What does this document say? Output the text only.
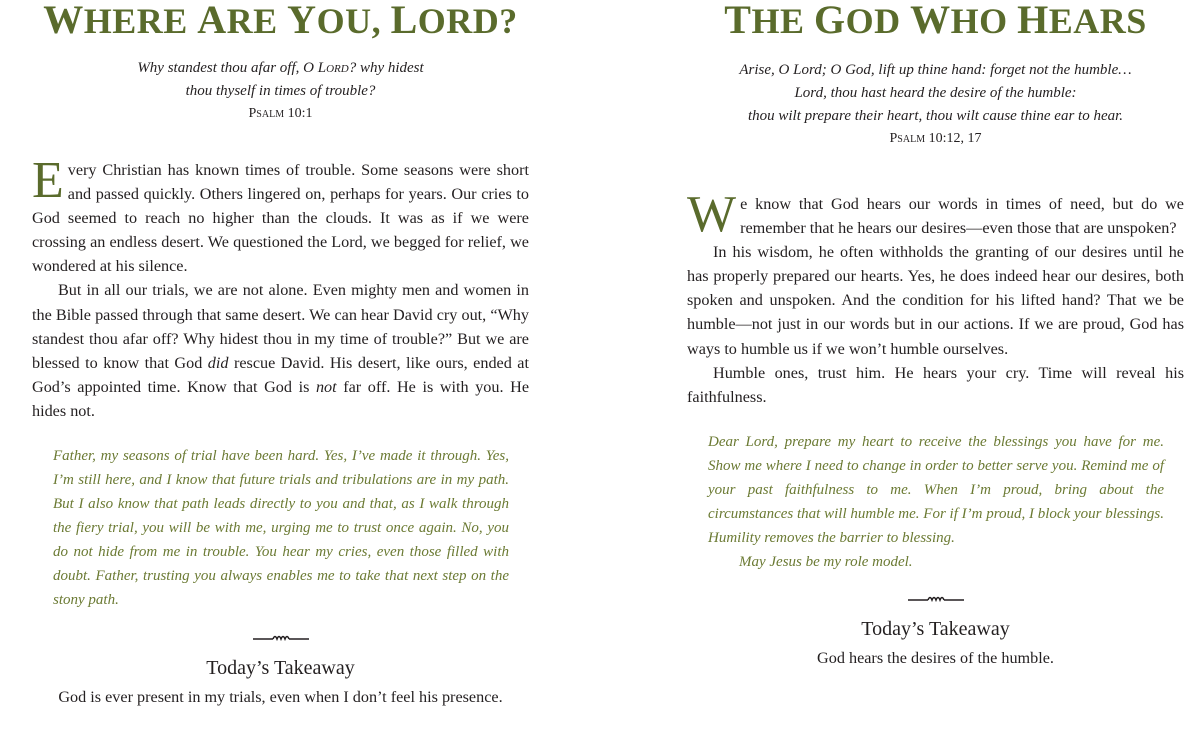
WHERE ARE YOU, LORD?
Why standest thou afar off, O Lord? why hidest
thou thyself in times of trouble?
Psalm 10:1

Every Christian has known times of trouble. Some seasons were short and passed quickly. Others lingered on, perhaps for years. Our cries to God seemed to reach no higher than the clouds. It was as if we were crossing an endless desert. We questioned the Lord, we begged for relief, we wondered at his silence.

But in all our trials, we are not alone. Even mighty men and women in the Bible passed through that same desert. We can hear David cry out, “Why standest thou afar off? Why hidest thou in my time of trouble?” But we are blessed to know that God did rescue David. His desert, like ours, ended at God’s appointed time. Know that God is not far off. He is with you. He hides not.

Father, my seasons of trial have been hard. Yes, I’ve made it through. Yes, I’m still here, and I know that future trials and tribulations are in my path. But I also know that path leads directly to you and that, as I walk through the fiery trial, you will be with me, urging me to trust once again. No, you do not hide from me in trouble. You hear my cries, even those filled with doubt. Father, trusting you always enables me to take that next step on the stony path.

Today’s Takeaway
God is ever present in my trials, even when I don’t feel his presence.
THE GOD WHO HEARS
Arise, O Lord; O God, lift up thine hand: forget not the humble…
Lord, thou hast heard the desire of the humble:
thou wilt prepare their heart, thou wilt cause thine ear to hear.
Psalm 10:12, 17

We know that God hears our words in times of need, but do we remember that he hears our desires—even those that are unspoken?

In his wisdom, he often withholds the granting of our desires until he has properly prepared our hearts. Yes, he does indeed hear our desires, both spoken and unspoken. And the condition for his lifted hand? That we be humble—not just in our words but in our actions. If we are proud, God has ways to humble us if we won’t humble ourselves.

Humble ones, trust him. He hears your cry. Time will reveal his faithfulness.

Dear Lord, prepare my heart to receive the blessings you have for me. Show me where I need to change in order to better serve you. Remind me of your past faithfulness to me. When I’m proud, bring about the circumstances that will humble me. For if I’m proud, I block your blessings. Humility removes the barrier to blessing.

May Jesus be my role model.

Today’s Takeaway
God hears the desires of the humble.
